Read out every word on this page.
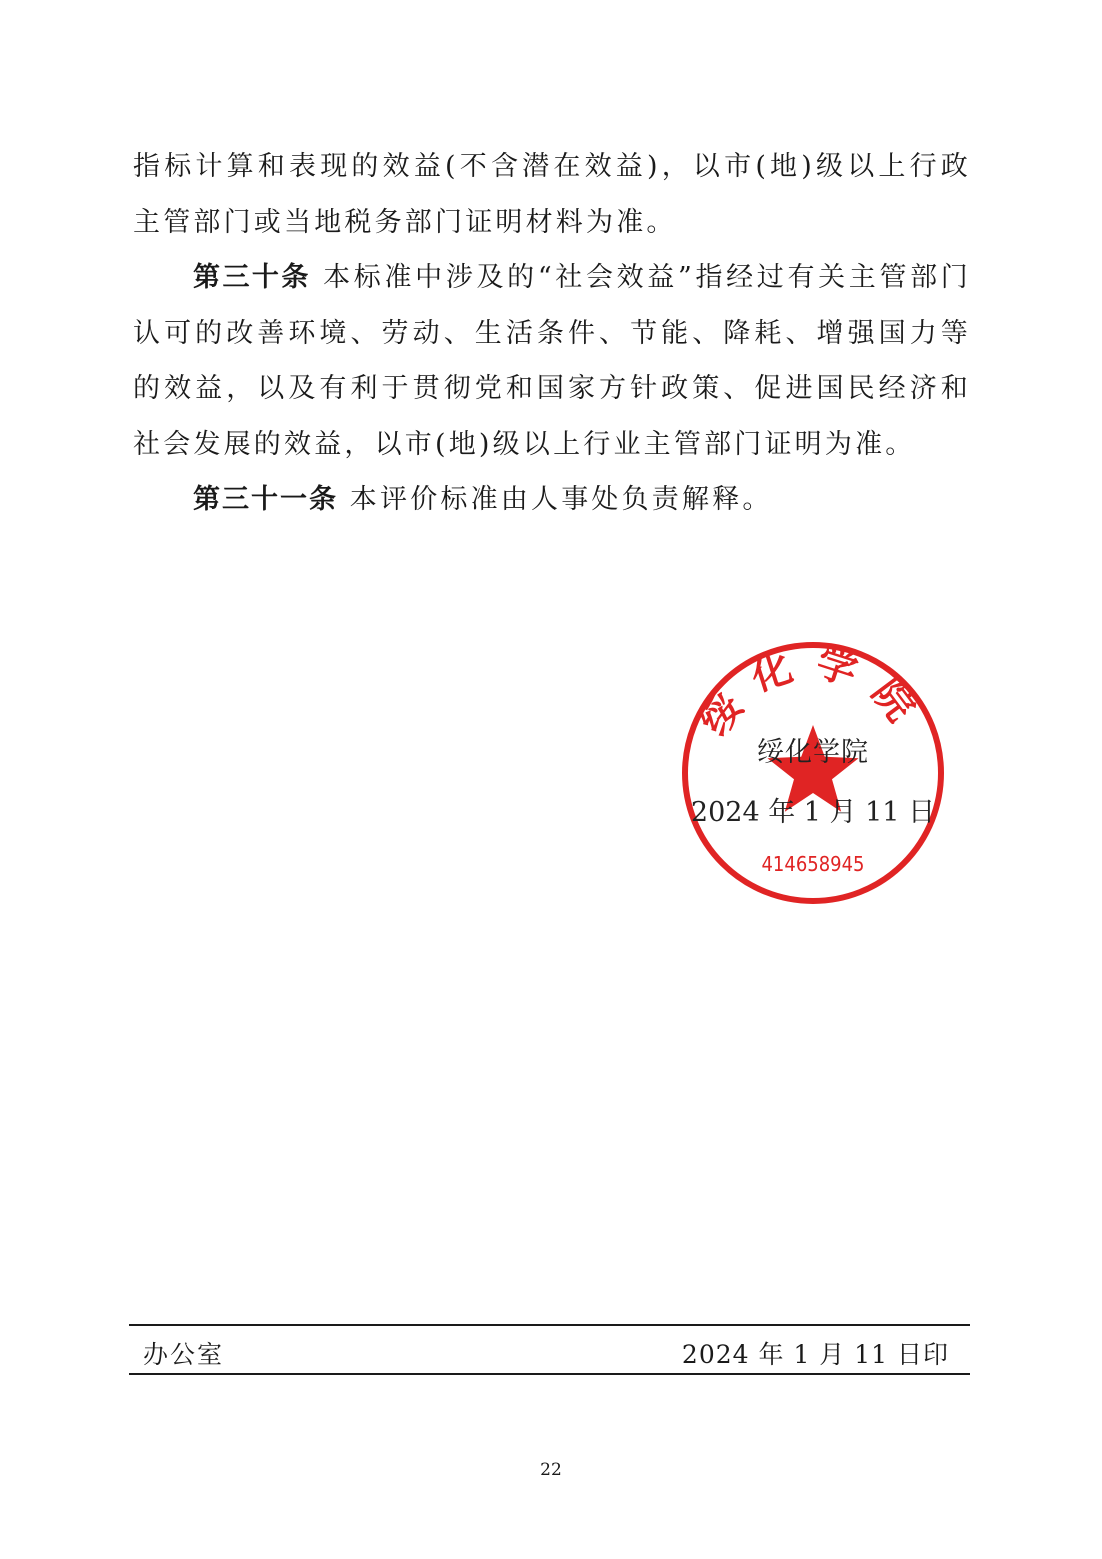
指标计算和表现的效益(不含潜在效益)，以市(地)级以上行政主管部门或当地税务部门证明材料为准。

第三十条 本标准中涉及的“社会效益”指经过有关主管部门认可的改善环境、劳动、生活条件、节能、降耗、增强国力等的效益，以及有利于贯彻党和国家方针政策、促进国民经济和社会发展的效益，以市(地)级以上行业主管部门证明为准。

第三十一条 本评价标准由人事处负责解释。

绥化学院
414658945
绥化学院
2024 年 1 月 11 日
办公室	2024 年 1 月 11 日印
22
